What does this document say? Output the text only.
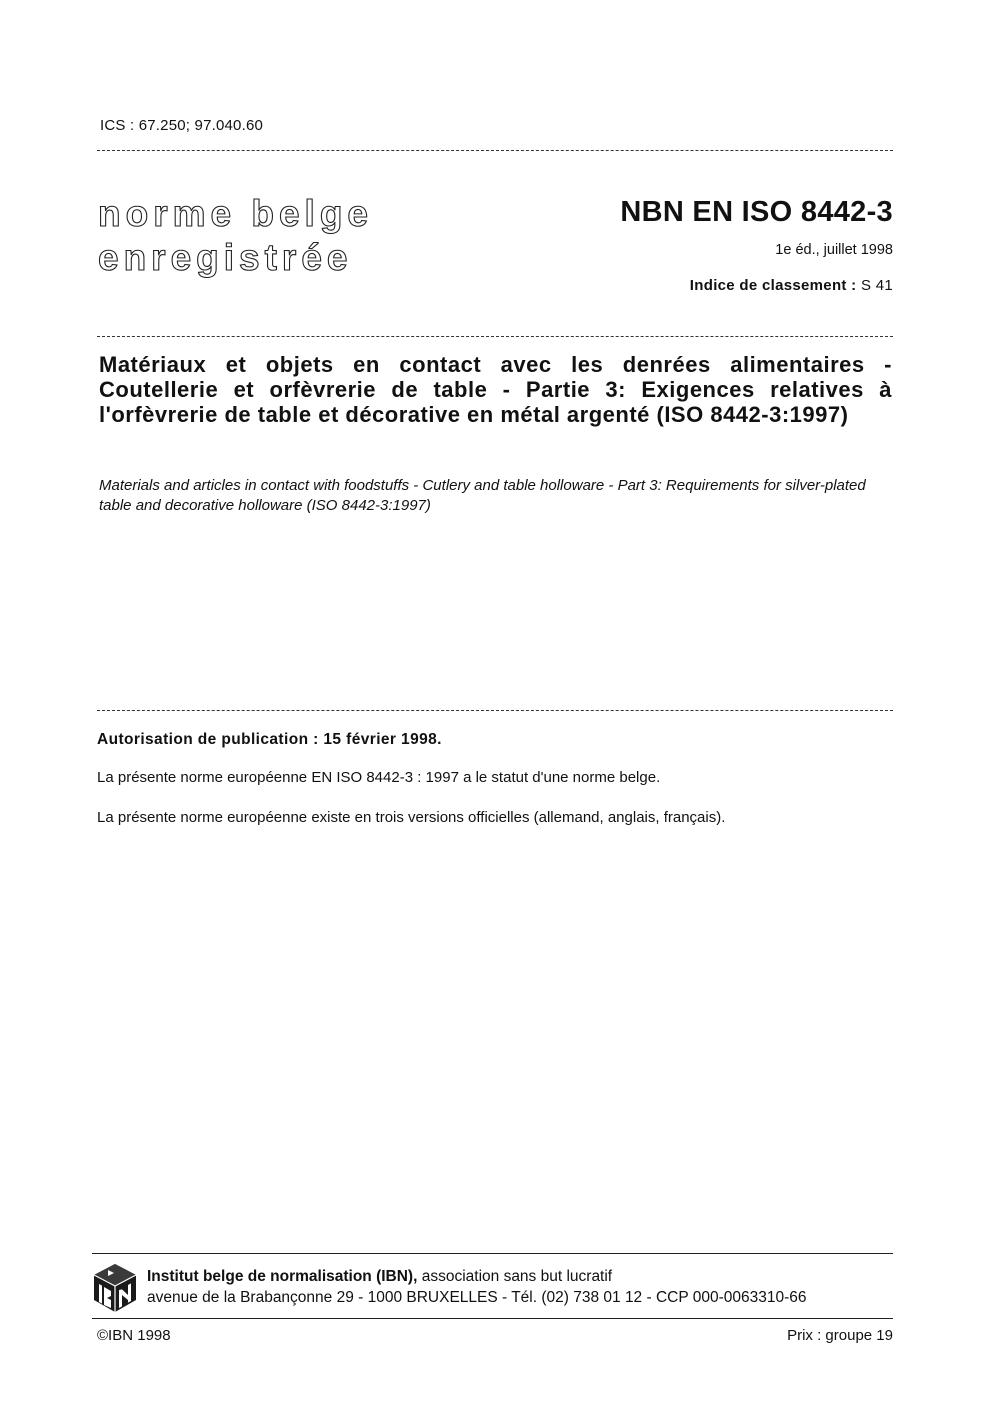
ICS : 67.250; 97.040.60
norme belge
enregistrée
NBN EN ISO 8442-3
1e éd., juillet 1998
Indice de classement : S 41
Matériaux et objets en contact avec les denrées alimentaires - Coutellerie et orfèvrerie de table - Partie 3: Exigences relatives à l'orfèvrerie de table et décorative en métal argenté (ISO 8442-3:1997)
Materials and articles in contact with foodstuffs - Cutlery and table holloware - Part 3: Requirements for silver-plated table and decorative holloware (ISO 8442-3:1997)
Autorisation de publication : 15 février 1998.
La présente norme européenne EN ISO 8442-3 : 1997 a le statut d'une norme belge.
La présente norme européenne existe en trois versions officielles (allemand, anglais, français).
Institut belge de normalisation (IBN), association sans but lucratif
avenue de la Brabançonne 29 - 1000 BRUXELLES - Tél. (02) 738 01 12 - CCP 000-0063310-66
©IBN 1998	Prix : groupe 19
